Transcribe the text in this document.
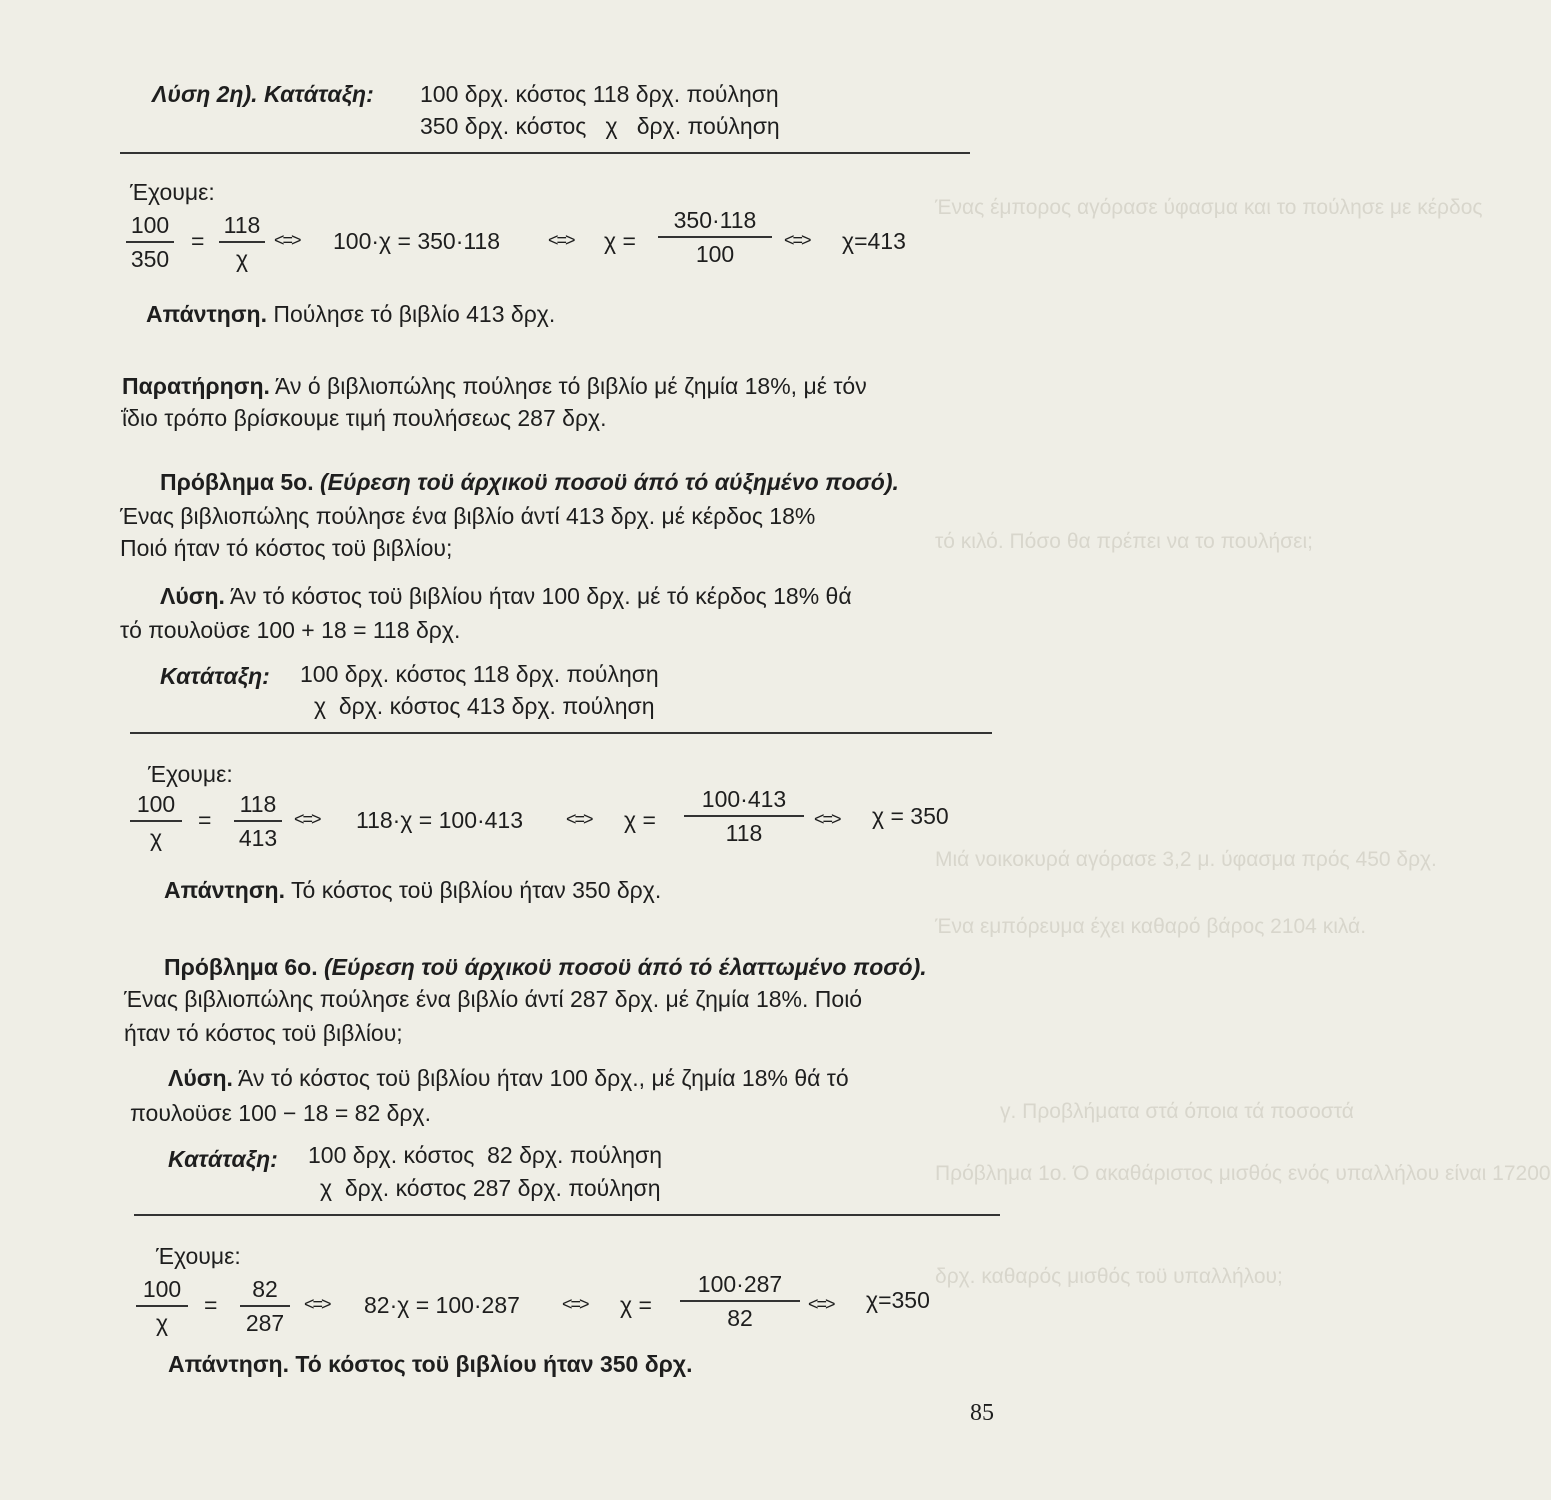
Ένας έμπορος αγόρασε ύφασμα και το πούλησε με κέρδος
τό κιλό. Πόσο θα πρέπει να το πουλήσει;
Μιά νοικοκυρά αγόρασε 3,2 μ. ύφασμα πρός 450 δρχ.
Ένα εμπόρευμα έχει καθαρό βάρος 2104 κιλά.
γ. Προβλήματα στά όποια τά ποσοστά
Πρόβλημα 1ο. Ό ακαθάριστος μισθός ενός υπαλλήλου είναι 17200
δρχ. καθαρός μισθός τοϋ υπαλλήλου;
Λύση 2η). Κατάταξη: 100 δρχ. κόστος 118 δρχ. πούληση
350 δρχ. κόστος   χ   δρχ. πούληση
Έχουμε:
100
350
=
118
χ
<=> 100·χ = 350·118	<=> χ =
350·118
100
<=> χ=413
Απάντηση. Πούλησε τό βιβλίο 413 δρχ.
Παρατήρηση. Άν ό βιβλιοπώλης πούλησε τό βιβλίο μέ ζημία 18%, μέ τόν
ΐδιο τρόπο βρίσκουμε τιμή πουλήσεως 287 δρχ.
Πρόβλημα 5ο. (Εύρεση τοϋ άρχικοϋ ποσοϋ άπό τό αύξημένο ποσό).
Ένας βιβλιοπώλης πούλησε ένα βιβλίο άντί 413 δρχ. μέ κέρδος 18%
Ποιό ήταν τό κόστος τοϋ βιβλίου;
Λύση. Άν τό κόστος τοϋ βιβλίου ήταν 100 δρχ. μέ τό κέρδος 18% θά
τό πουλοϋσε 100 + 18 = 118 δρχ.
Κατάταξη: 100 δρχ. κόστος 118 δρχ. πούληση
χ  δρχ. κόστος 413 δρχ. πούληση
Έχουμε:
100
χ
=
118
413
<=> 118·χ = 100·413 <=> χ =
100·413
118
<=> χ = 350
Απάντηση. Τό κόστος τοϋ βιβλίου ήταν 350 δρχ.
Πρόβλημα 6ο. (Εύρεση τοϋ άρχικοϋ ποσοϋ άπό τό έλαττωμένο ποσό).
Ένας βιβλιοπώλης πούλησε ένα βιβλίο άντί 287 δρχ. μέ ζημία 18%. Ποιό
ήταν τό κόστος τοϋ βιβλίου;
Λύση. Άν τό κόστος τοϋ βιβλίου ήταν 100 δρχ., μέ ζημία 18% θά τό
πουλοϋσε 100 − 18 = 82 δρχ.
Κατάταξη: 100 δρχ. κόστος  82 δρχ. πούληση
χ  δρχ. κόστος 287 δρχ. πούληση
Έχουμε:
100
χ
=
82
287
<=> 82·χ = 100·287 <=> χ =
100·287
82
<=> χ=350
Απάντηση. Τό κόστος τοϋ βιβλίου ήταν 350 δρχ.
85
